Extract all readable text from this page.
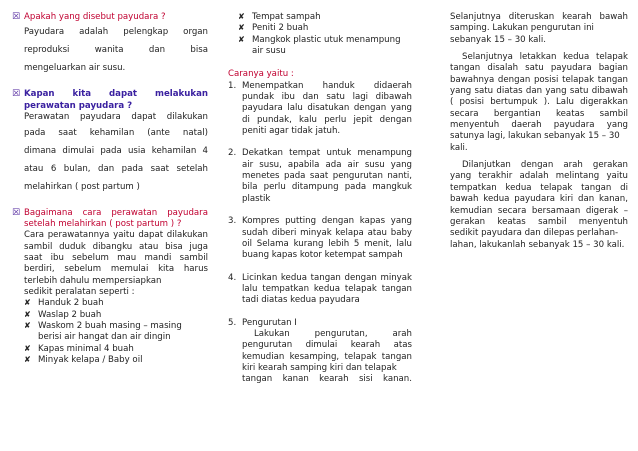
☒ Apakah yang disebut payudara ?
Payudara adalah pelengkap organ
reproduksi wanita dan bisa
mengeluarkan air susu.
☒ Kapan kita dapat melakukan
perawatan payudara ?
Perawatan payudara dapat dilakukan
pada saat kehamilan (ante natal)
dimana dimulai pada usia kehamilan 4
atau 6 bulan, dan pada saat setelah
melahirkan ( post partum )
☒ Bagaimana cara perawatan payudara
setelah melahirkan ( post partum ) ?
Cara perawatannya yaitu dapat dilakukan sambil duduk dibangku atau bisa juga saat ibu sebelum mau mandi sambil berdiri, sebelum memulai kita harus terlebih dahulu mempersiapkan
sedikit peralatan seperti :
✘ Handuk 2 buah
✘ Waslap 2 buah
✘ Waskom 2 buah masing – masing berisi air hangat dan air dingin
✘ Kapas minimal 4 buah
✘ Minyak kelapa / Baby oil
✘ Tempat sampah
✘ Peniti 2 buah
✘ Mangkok plastic utuk menampung air susu
Caranya yaitu :
1. Menempatkan handuk didaerah pundak ibu dan satu lagi dibawah payudara lalu disatukan dengan yang di pundak, kalu perlu jepit dengan peniti agar tidak jatuh.
2. Dekatkan tempat untuk menampung air susu, apabila ada air susu yang menetes pada saat pengurutan nanti, bila perlu ditampung pada mangkuk plastik
3. Kompres putting dengan kapas yang sudah diberi minyak kelapa atau baby oil Selama kurang lebih 5 menit, lalu buang kapas kotor ketempat sampah
4. Licinkan kedua tangan dengan minyak lalu tempatkan kedua telapak tangan tadi diatas kedua payudara
5. Pengurutan I
Lakukan pengurutan, arah pengurutan dimulai kearah atas kemudian kesamping, telapak tangan kiri kearah samping kiri dan telapak
tangan kanan kearah sisi kanan.
Selanjutnya diteruskan kearah bawah samping. Lakukan pengurutan ini
sebanyak 15 – 30 kali.
Selanjutnya letakkan kedua telapak tangan disalah satu payudara bagian bawahnya dengan posisi telapak tangan yang satu diatas dan yang satu dibawah ( posisi bertumpuk ). Lalu digerakkan secara bergantian keatas sambil menyentuh daerah payudara yang satunya lagi, lakukan sebanyak 15 – 30
kali.
Dilanjutkan dengan arah gerakan yang terakhir adalah melintang yaitu tempatkan kedua telapak tangan di bawah kedua payudara kiri dan kanan, kemudian secara bersamaan digerak – gerakan keatas sambil menyentuh sedikit payudara dan dilepas perlahan-
lahan, lakukanlah sebanyak 15 – 30 kali.
